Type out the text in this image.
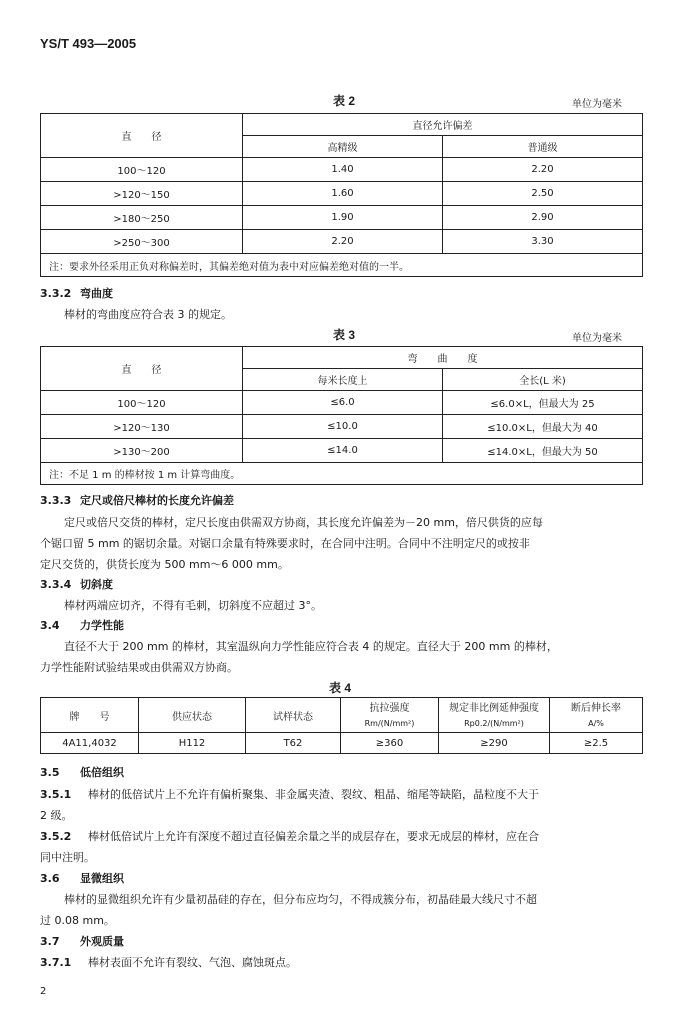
YS/T 493—2005
表 2	单位为毫米
直　　径	直径允许偏差	
	高精级	普通级
100～120	1.40	2.20
>120～150	1.60	2.50
>180～250	1.90	2.90
>250～300	2.20	3.30
注：要求外径采用正负对称偏差时，其偏差绝对值为表中对应偏差绝对值的一半。		
3.3.2 弯曲度
棒材的弯曲度应符合表 3 的规定。
表 3	单位为毫米
直　　径	弯　　曲　　度	
	每米长度上	全长(L 米)
100～120	≤6.0	≤6.0×L，但最大为 25
>120～130	≤10.0	≤10.0×L，但最大为 40
>130～200	≤14.0	≤14.0×L，但最大为 50
注：不足 1 m 的棒材按 1 m 计算弯曲度。		
3.3.3 定尺或倍尺棒材的长度允许偏差
定尺或倍尺交货的棒材，定尺长度由供需双方协商，其长度允许偏差为－20 mm，倍尺供货的应每
个锯口留 5 mm 的锯切余量。对锯口余量有特殊要求时，在合同中注明。合同中不注明定尺的或按非
定尺交货的，供货长度为 500 mm～6 000 mm。
3.3.4 切斜度
棒材两端应切齐，不得有毛刺，切斜度不应超过 3°。
3.4 力学性能
直径不大于 200 mm 的棒材，其室温纵向力学性能应符合表 4 的规定。直径大于 200 mm 的棒材，
力学性能附试验结果或由供需双方协商。
表 4
牌　　号	供应状态	试样状态	抗拉强度	规定非比例延伸强度	断后伸长率
			Rm/(N/mm²)	Rp0.2/(N/mm²)	A/%
4A11,4032	H112	T62	≥360	≥290	≥2.5
3.5 低倍组织
3.5.1 棒材的低倍试片上不允许有偏析聚集、非金属夹渣、裂纹、粗晶、缩尾等缺陷，晶粒度不大于
2 级。
3.5.2 棒材低倍试片上允许有深度不超过直径偏差余量之半的成层存在，要求无成层的棒材，应在合
同中注明。
3.6 显微组织
棒材的显微组织允许有少量初晶硅的存在，但分布应均匀，不得成簇分布，初晶硅最大线尺寸不超
过 0.08 mm。
3.7 外观质量
3.7.1 棒材表面不允许有裂纹、气泡、腐蚀斑点。
2
